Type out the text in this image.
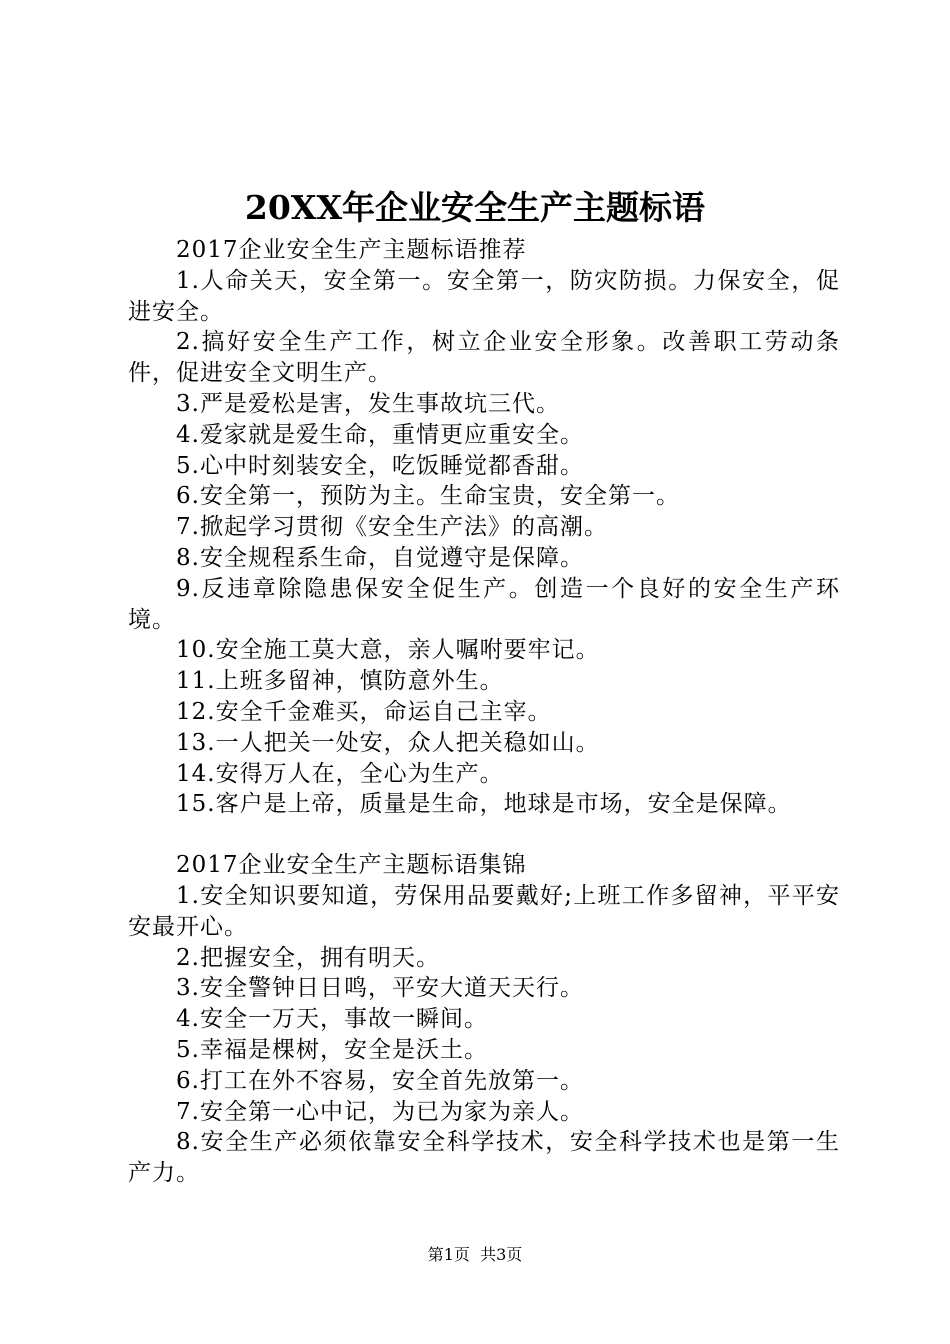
20XX年企业安全生产主题标语

2017企业安全生产主题标语推荐

1.人命关天，安全第一。安全第一，防灾防损。力保安全，促进安全。

2.搞好安全生产工作，树立企业安全形象。改善职工劳动条件，促进安全文明生产。

3.严是爱松是害，发生事故坑三代。

4.爱家就是爱生命，重情更应重安全。

5.心中时刻装安全，吃饭睡觉都香甜。

6.安全第一，预防为主。生命宝贵，安全第一。

7.掀起学习贯彻《安全生产法》的高潮。

8.安全规程系生命，自觉遵守是保障。

9.反违章除隐患保安全促生产。创造一个良好的安全生产环境。

10.安全施工莫大意，亲人嘱咐要牢记。

11.上班多留神，慎防意外生。

12.安全千金难买，命运自己主宰。

13.一人把关一处安，众人把关稳如山。

14.安得万人在，全心为生产。

15.客户是上帝，质量是生命，地球是市场，安全是保障。

2017企业安全生产主题标语集锦

1.安全知识要知道，劳保用品要戴好;上班工作多留神，平平安安最开心。

2.把握安全，拥有明天。

3.安全警钟日日鸣，平安大道天天行。

4.安全一万天，事故一瞬间。

5.幸福是棵树，安全是沃土。

6.打工在外不容易，安全首先放第一。

7.安全第一心中记，为已为家为亲人。

8.安全生产必须依靠安全科学技术，安全科学技术也是第一生产力。

第1页  共3页
